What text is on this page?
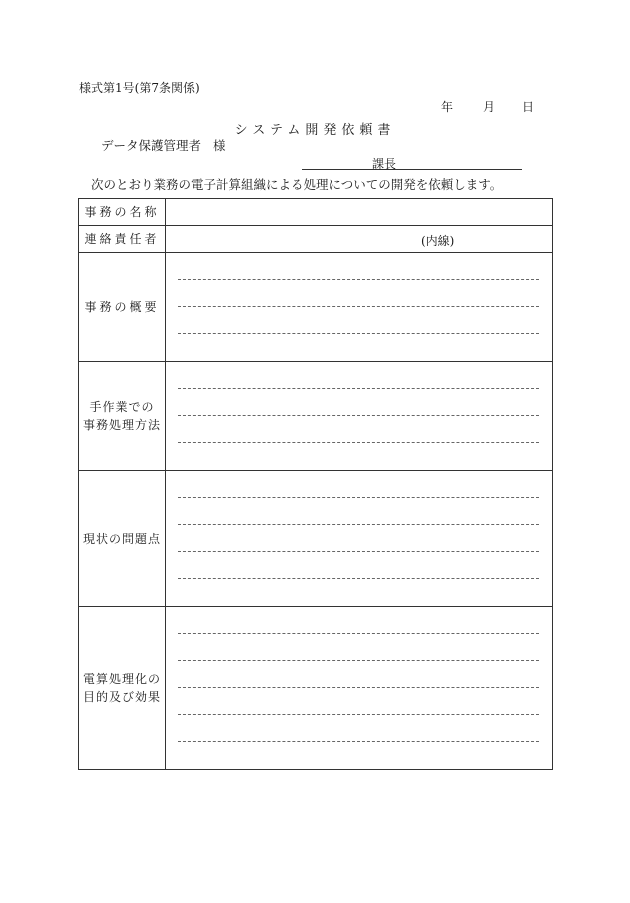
様式第1号(第7条関係)
年	月	日
システム開発依頼書
データ保護管理者 様
課長
次のとおり業務の電子計算組織による処理についての開発を依頼します。
事務の名称	
連絡責任者	(内線)

事務の概要	

手作業での
事務処理方法	

現状の問題点	

電算処理化の
目的及び効果	
